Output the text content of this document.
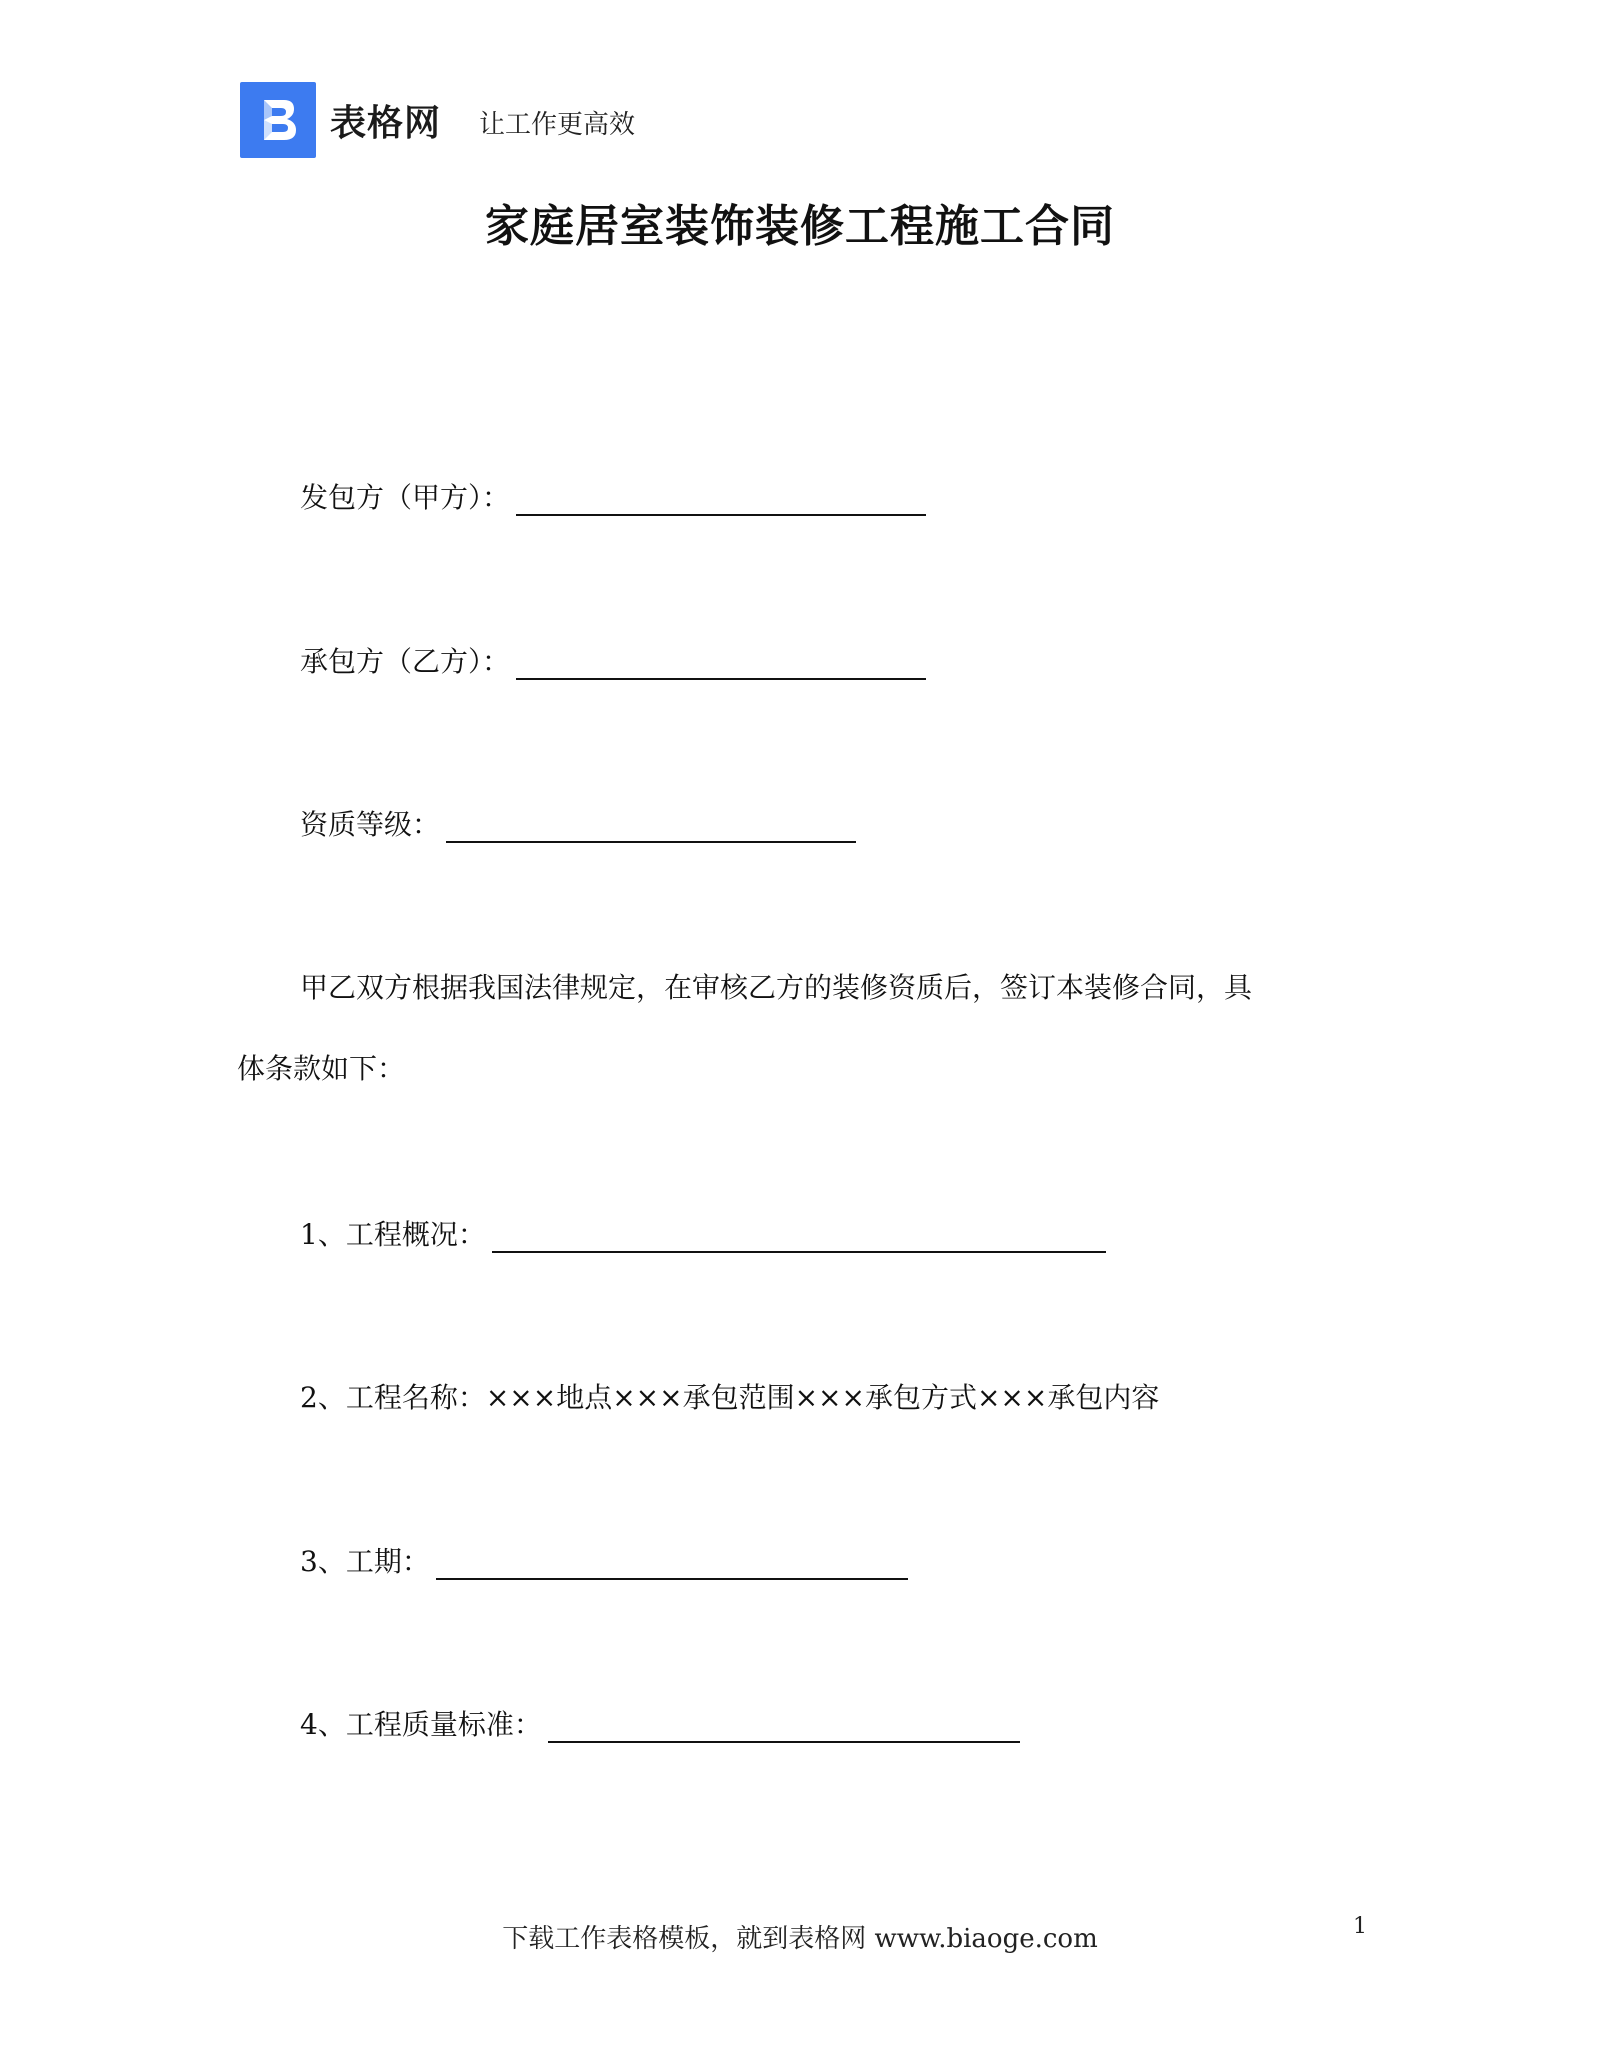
表格网 让工作更高效
家庭居室装饰装修工程施工合同
发包方（甲方）：
承包方（乙方）：
资质等级：
甲乙双方根据我国法律规定，在审核乙方的装修资质后，签订本装修合同，具
体条款如下：
1、工程概况：
2、工程名称：×××地点×××承包范围×××承包方式×××承包内容
3、工期：
4、工程质量标准：
下载工作表格模板，就到表格网 www.biaoge.com	1
